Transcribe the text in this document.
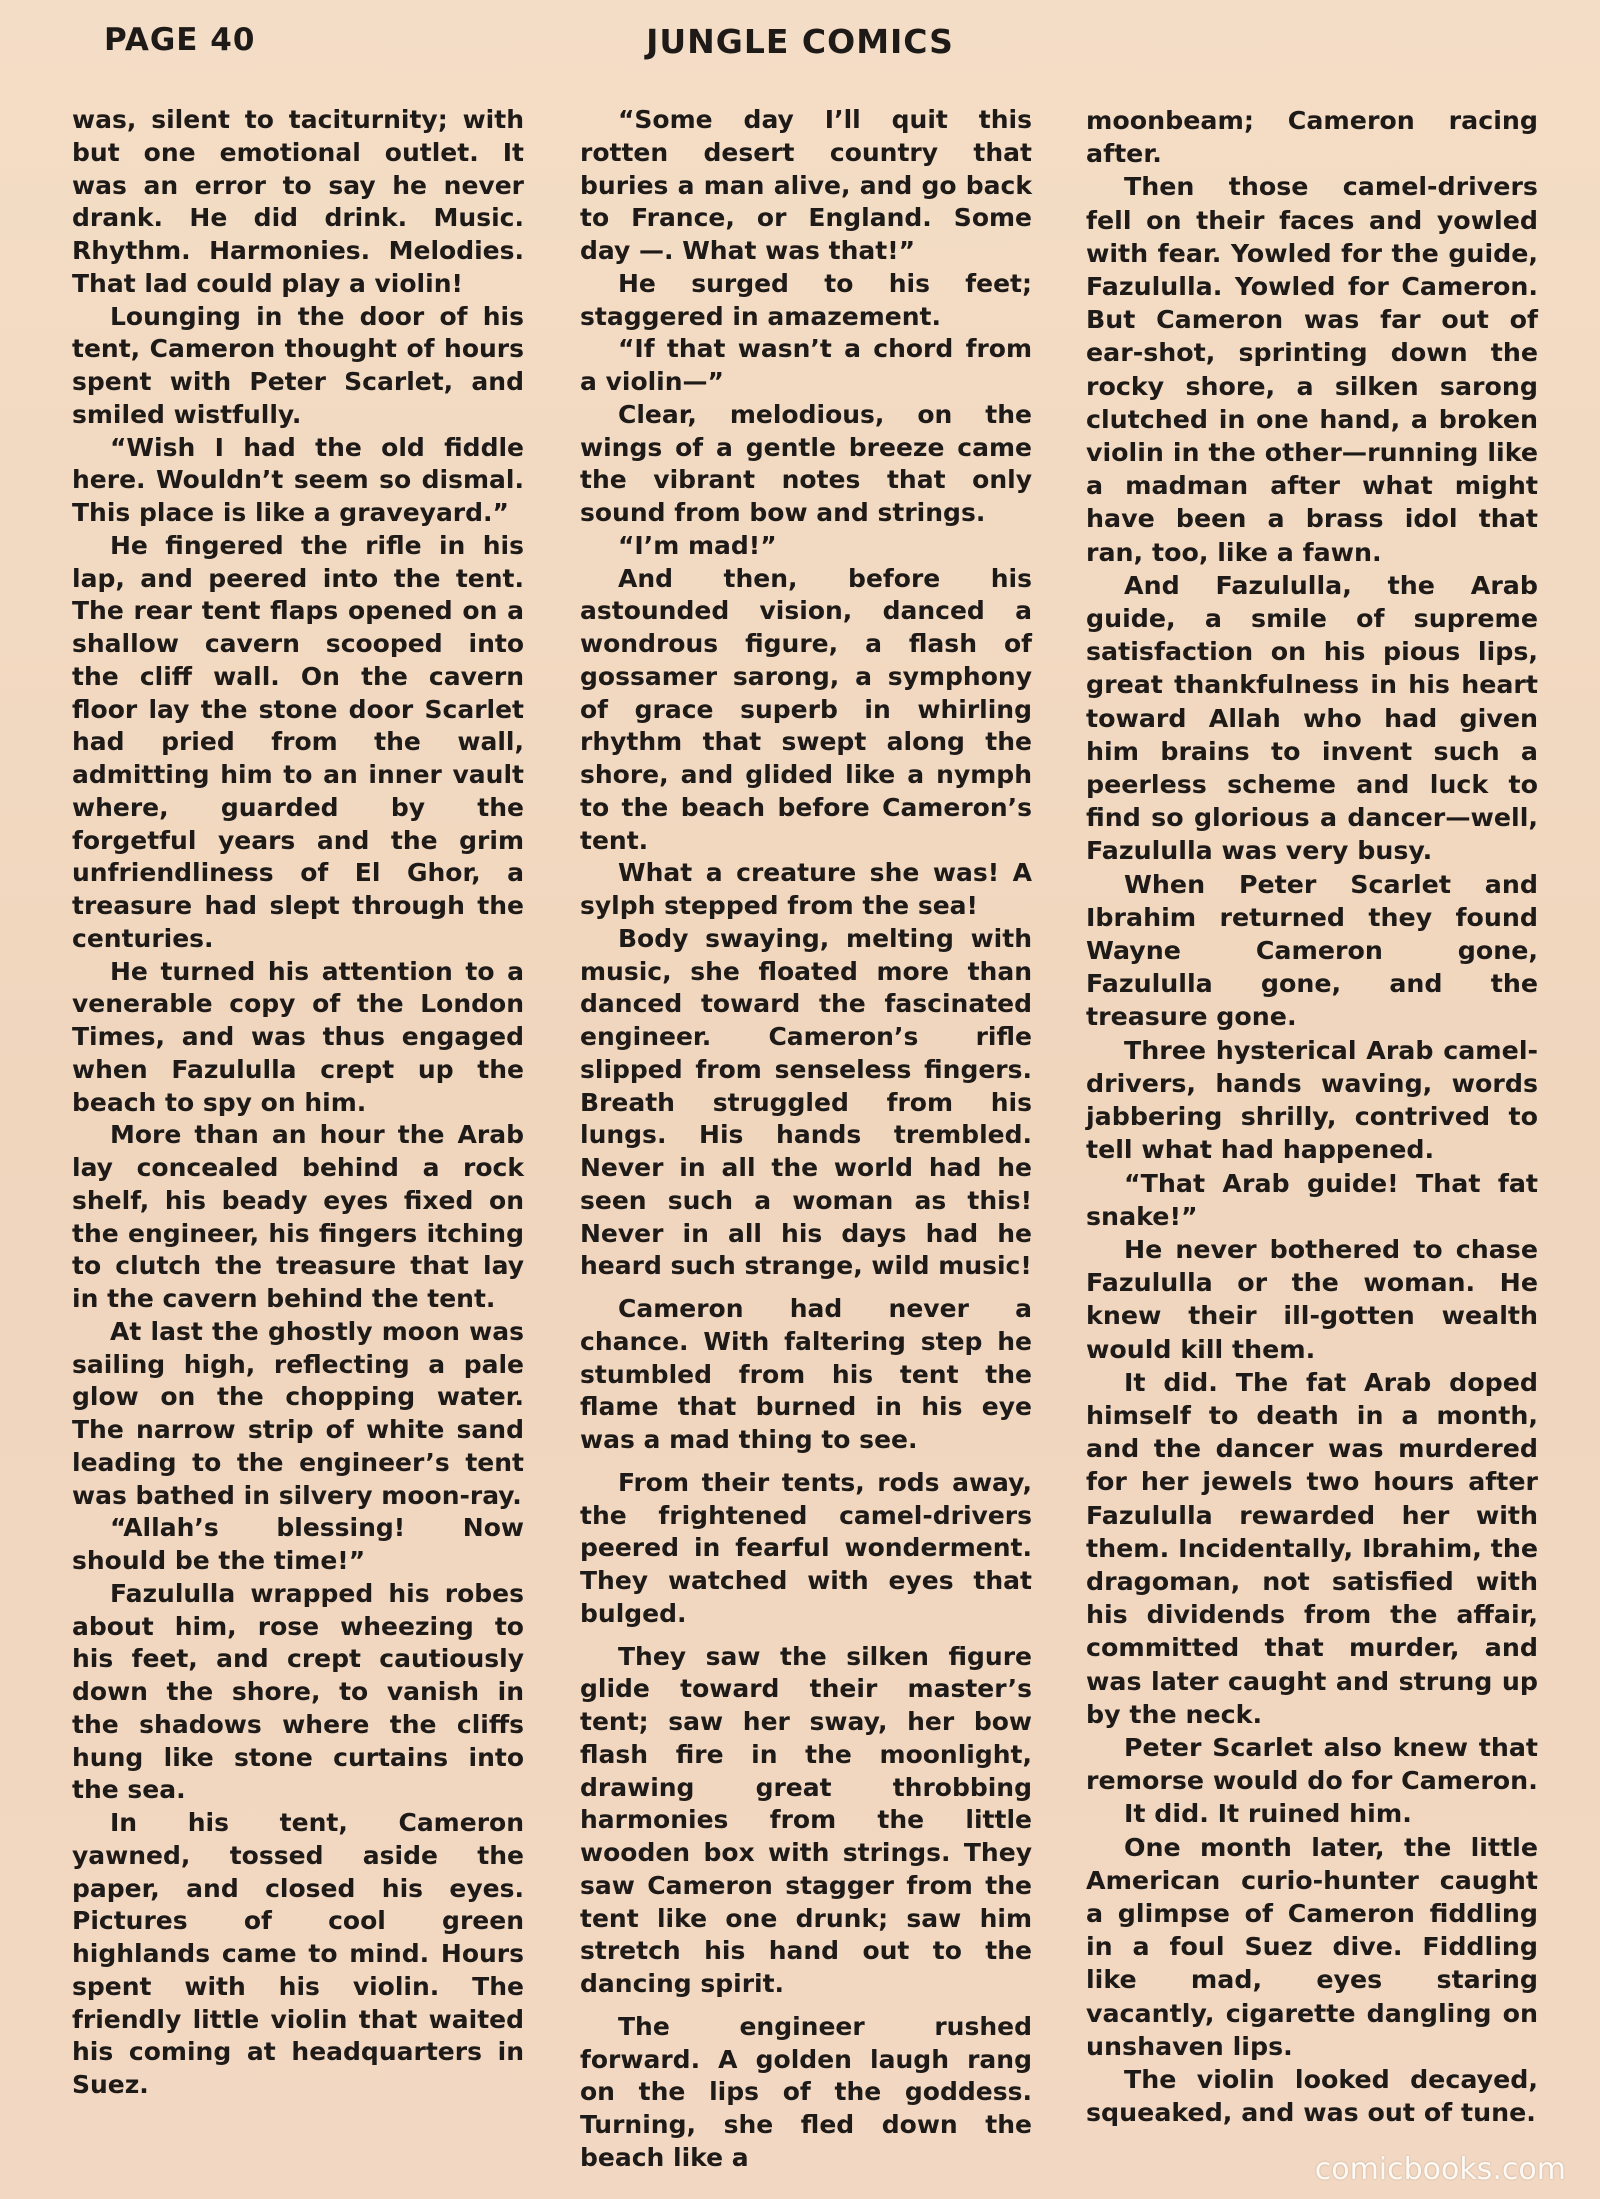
PAGE 40	JUNGLE COMICS

was, silent to taciturnity; with but one emotional outlet. It was an error to say he never drank. He did drink. Music. Rhythm. Harmonies. Melodies. That lad could play a violin!

Lounging in the door of his tent, Cameron thought of hours spent with Peter Scarlet, and smiled wistfully.

“Wish I had the old fiddle here. Wouldn’t seem so dismal. This place is like a graveyard.”

He fingered the rifle in his lap, and peered into the tent. The rear tent flaps opened on a shallow cavern scooped into the cliff wall. On the cavern floor lay the stone door Scarlet had pried from the wall, admitting him to an inner vault where, guarded by the forgetful years and the grim unfriendliness of El Ghor, a treasure had slept through the centuries.

He turned his attention to a venerable copy of the London Times, and was thus engaged when Fazululla crept up the beach to spy on him.

More than an hour the Arab lay concealed behind a rock shelf, his beady eyes fixed on the engineer, his fingers itching to clutch the treasure that lay in the cavern behind the tent.

At last the ghostly moon was sailing high, reflecting a pale glow on the chopping water. The narrow strip of white sand leading to the engineer’s tent was bathed in silvery moon-ray.

“Allah’s blessing! Now should be the time!”

Fazululla wrapped his robes about him, rose wheezing to his feet, and crept cautiously down the shore, to vanish in the shadows where the cliffs hung like stone curtains into the sea.

In his tent, Cameron yawned, tossed aside the paper, and closed his eyes. Pictures of cool green highlands came to mind. Hours spent with his violin. The friendly little violin that waited his coming at headquarters in Suez.

“Some day I’ll quit this rotten desert country that buries a man alive, and go back to France, or England. Some day —. What was that!”

He surged to his feet; staggered in amazement.

“If that wasn’t a chord from a violin—”

Clear, melodious, on the wings of a gentle breeze came the vibrant notes that only sound from bow and strings.

“I’m mad!”

And then, before his astounded vision, danced a wondrous figure, a flash of gossamer sarong, a symphony of grace superb in whirling rhythm that swept along the shore, and glided like a nymph to the beach before Cameron’s tent.

What a creature she was! A sylph stepped from the sea!

Body swaying, melting with music, she floated more than danced toward the fascinated engineer. Cameron’s rifle slipped from senseless fingers. Breath struggled from his lungs. His hands trembled. Never in all the world had he seen such a woman as this! Never in all his days had he heard such strange, wild music!

Cameron had never a chance. With faltering step he stumbled from his tent the flame that burned in his eye was a mad thing to see.

From their tents, rods away, the frightened camel-drivers peered in fearful wonderment. They watched with eyes that bulged.

They saw the silken figure glide toward their master’s tent; saw her sway, her bow flash fire in the moonlight, drawing great throbbing harmonies from the little wooden box with strings. They saw Cameron stagger from the tent like one drunk; saw him stretch his hand out to the dancing spirit.

The engineer rushed forward. A golden laugh rang on the lips of the goddess. Turning, she fled down the beach like a

moonbeam; Cameron racing after.

Then those camel-drivers fell on their faces and yowled with fear. Yowled for the guide, Fazululla. Yowled for Cameron. But Cameron was far out of ear-shot, sprinting down the rocky shore, a silken sarong clutched in one hand, a broken violin in the other—running like a madman after what might have been a brass idol that ran, too, like a fawn.

And Fazululla, the Arab guide, a smile of supreme satisfaction on his pious lips, great thankfulness in his heart toward Allah who had given him brains to invent such a peerless scheme and luck to find so glorious a dancer—well, Fazululla was very busy.

When Peter Scarlet and Ibrahim returned they found Wayne Cameron gone, Fazululla gone, and the treasure gone.

Three hysterical Arab camel-drivers, hands waving, words jabbering shrilly, contrived to tell what had happened.

“That Arab guide! That fat snake!”

He never bothered to chase Fazululla or the woman. He knew their ill-gotten wealth would kill them.

It did. The fat Arab doped himself to death in a month, and the dancer was murdered for her jewels two hours after Fazululla rewarded her with them. Incidentally, Ibrahim, the dragoman, not satisfied with his dividends from the affair, committed that murder, and was later caught and strung up by the neck.

Peter Scarlet also knew that remorse would do for Cameron.

It did. It ruined him.

One month later, the little American curio-hunter caught a glimpse of Cameron fiddling in a foul Suez dive. Fiddling like mad, eyes staring vacantly, cigarette dangling on unshaven lips.

The violin looked decayed, squeaked, and was out of tune.

comicbooks.com
